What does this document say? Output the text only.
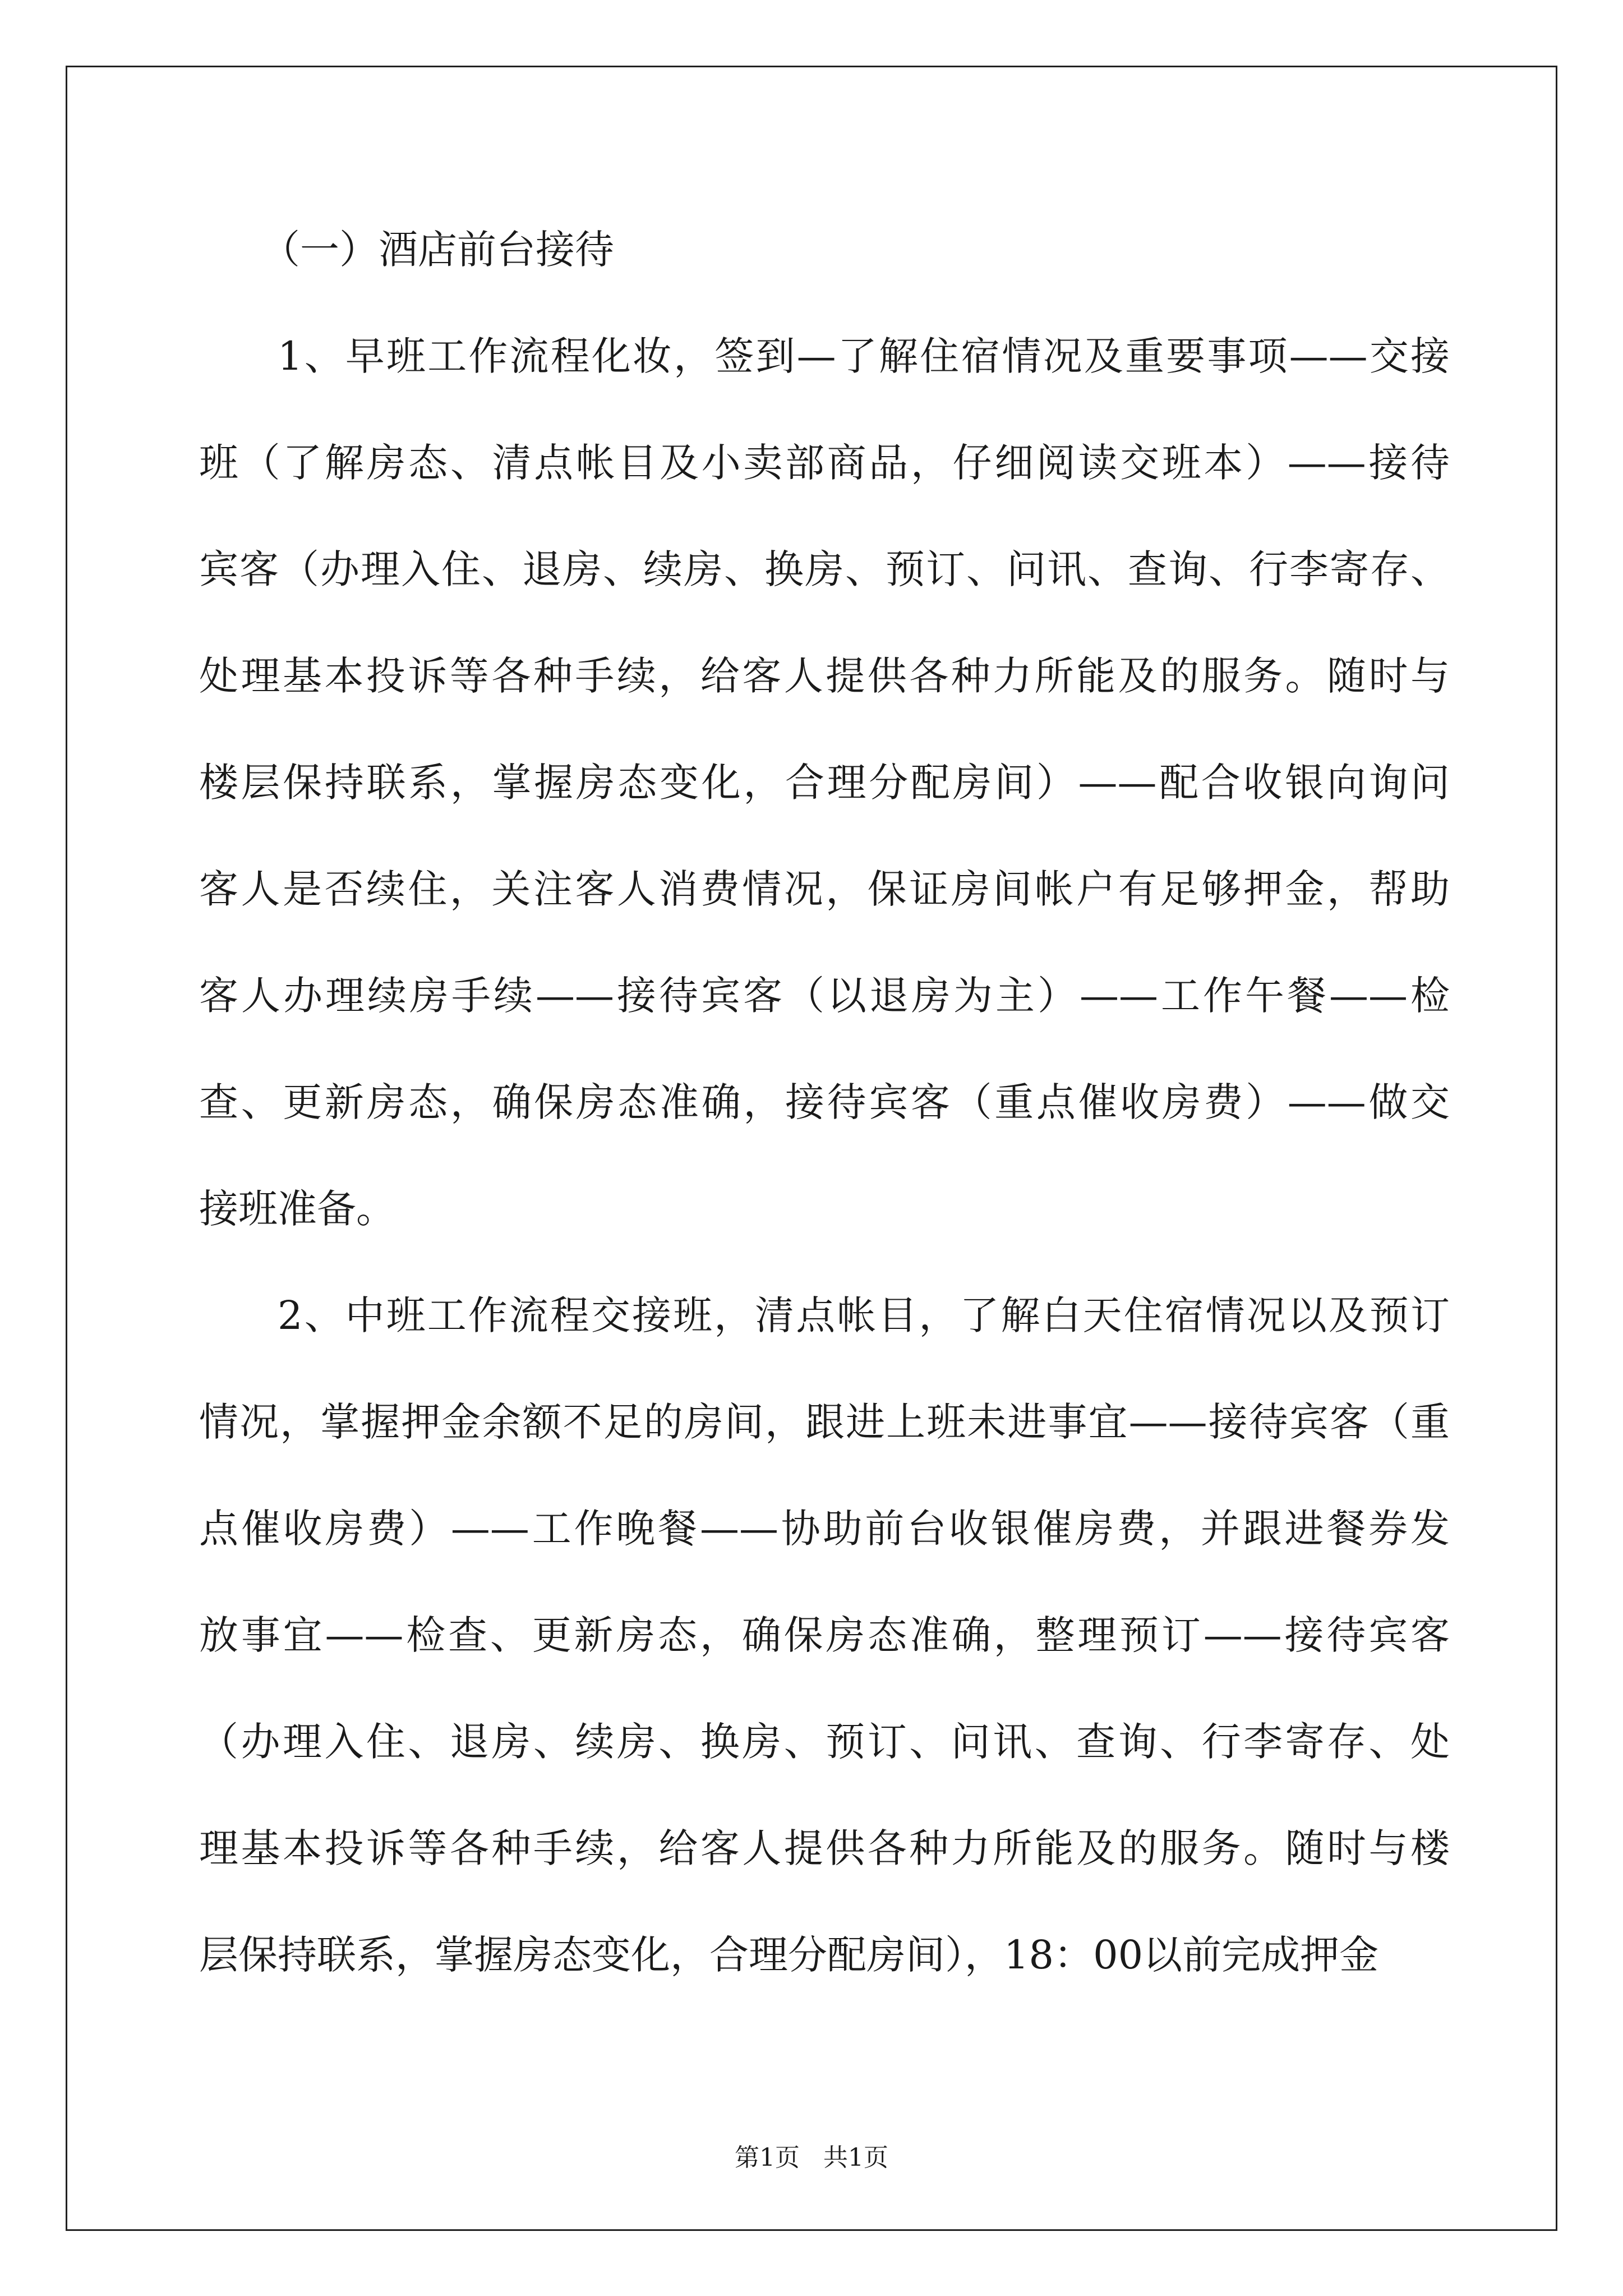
（一）酒店前台接待

1、早班工作流程化妆，签到—了解住宿情况及重要事项——交接

班（了解房态、清点帐目及小卖部商品，仔细阅读交班本）——接待

宾客（办理入住、退房、续房、换房、预订、问讯、查询、行李寄存、

处理基本投诉等各种手续，给客人提供各种力所能及的服务。随时与

楼层保持联系，掌握房态变化，合理分配房间）——配合收银向询问

客人是否续住，关注客人消费情况，保证房间帐户有足够押金，帮助

客人办理续房手续——接待宾客（以退房为主）——工作午餐——检

查、更新房态，确保房态准确，接待宾客（重点催收房费）——做交

接班准备。

2、中班工作流程交接班，清点帐目，了解白天住宿情况以及预订

情况，掌握押金余额不足的房间，跟进上班未进事宜——接待宾客（重

点催收房费）——工作晚餐——协助前台收银催房费，并跟进餐券发

放事宜——检查、更新房态，确保房态准确，整理预订——接待宾客

（办理入住、退房、续房、换房、预订、问讯、查询、行李寄存、处

理基本投诉等各种手续，给客人提供各种力所能及的服务。随时与楼

层保持联系，掌握房态变化，合理分配房间），18：00以前完成押金

第1页   共1页
